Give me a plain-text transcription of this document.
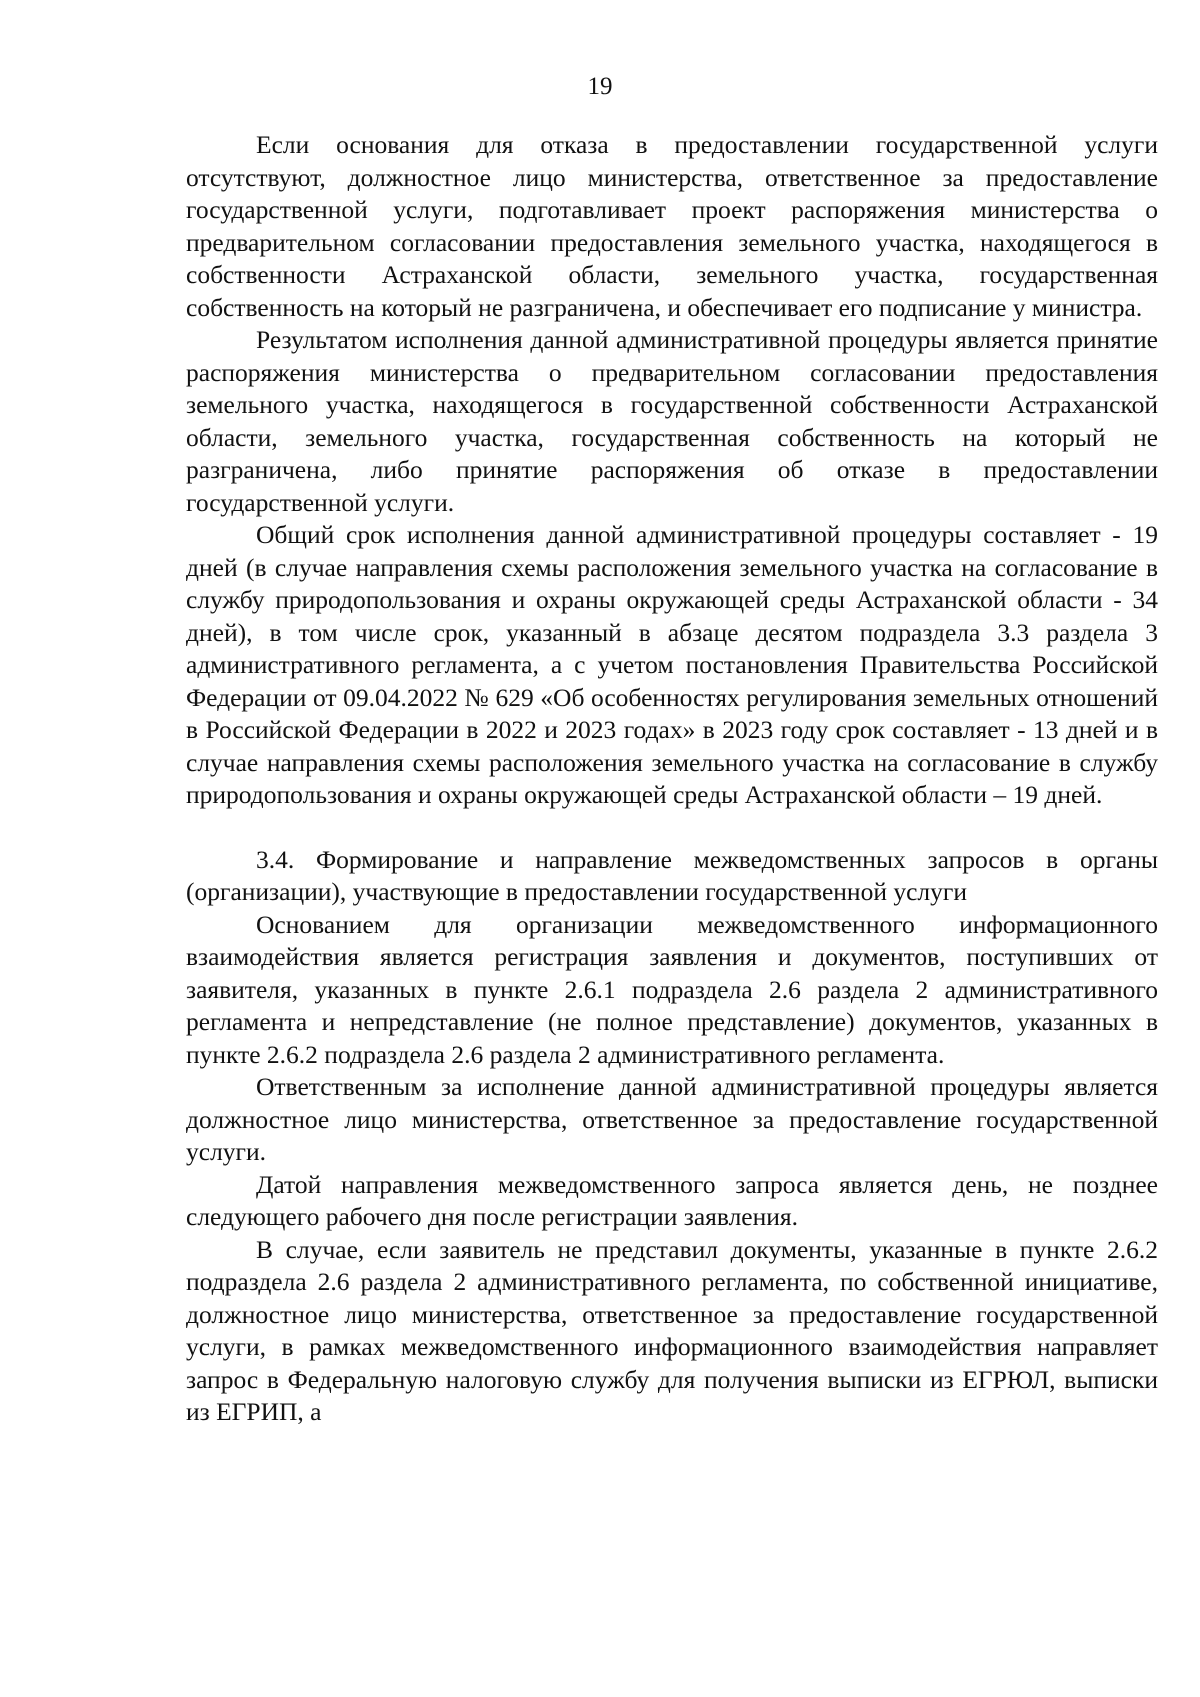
19

Если основания для отказа в предоставлении государственной услуги отсутствуют, должностное лицо министерства, ответственное за предоставление государственной услуги, подготавливает проект распоряжения министерства о предварительном согласовании предоставления земельного участка, находящегося в собственности Астраханской области, земельного участка, государственная собственность на который не разграничена, и обеспечивает его подписание у министра.

Результатом исполнения данной административной процедуры является принятие распоряжения министерства о предварительном согласовании предоставления земельного участка, находящегося в государственной собственности Астраханской области, земельного участка, государственная собственность на который не разграничена, либо принятие распоряжения об отказе в предоставлении государственной услуги.

Общий срок исполнения данной административной процедуры составляет - 19 дней (в случае направления схемы расположения земельного участка на согласование в службу природопользования и охраны окружающей среды Астраханской области - 34 дней), в том числе срок, указанный в абзаце десятом подраздела 3.3 раздела 3 административного регламента, а с учетом постановления Правительства Российской Федерации от 09.04.2022 № 629 «Об особенностях регулирования земельных отношений в Российской Федерации в 2022 и 2023 годах» в 2023 году срок составляет - 13 дней и в случае направления схемы расположения земельного участка на согласование в службу природопользования и охраны окружающей среды Астраханской области – 19 дней.

3.4. Формирование и направление межведомственных запросов в органы (организации), участвующие в предоставлении государственной услуги

Основанием для организации межведомственного информационного взаимодействия является регистрация заявления и документов, поступивших от заявителя, указанных в пункте 2.6.1 подраздела 2.6 раздела 2 административного регламента и непредставление (не полное представление) документов, указанных в пункте 2.6.2 подраздела 2.6 раздела 2 административного регламента.

Ответственным за исполнение данной административной процедуры является должностное лицо министерства, ответственное за предоставление государственной услуги.

Датой направления межведомственного запроса является день, не позднее следующего рабочего дня после регистрации заявления.

В случае, если заявитель не представил документы, указанные в пункте 2.6.2 подраздела 2.6 раздела 2 административного регламента, по собственной инициативе, должностное лицо министерства, ответственное за предоставление государственной услуги, в рамках межведомственного информационного взаимодействия направляет запрос в Федеральную налоговую службу для получения выписки из ЕГРЮЛ, выписки из ЕГРИП, а
